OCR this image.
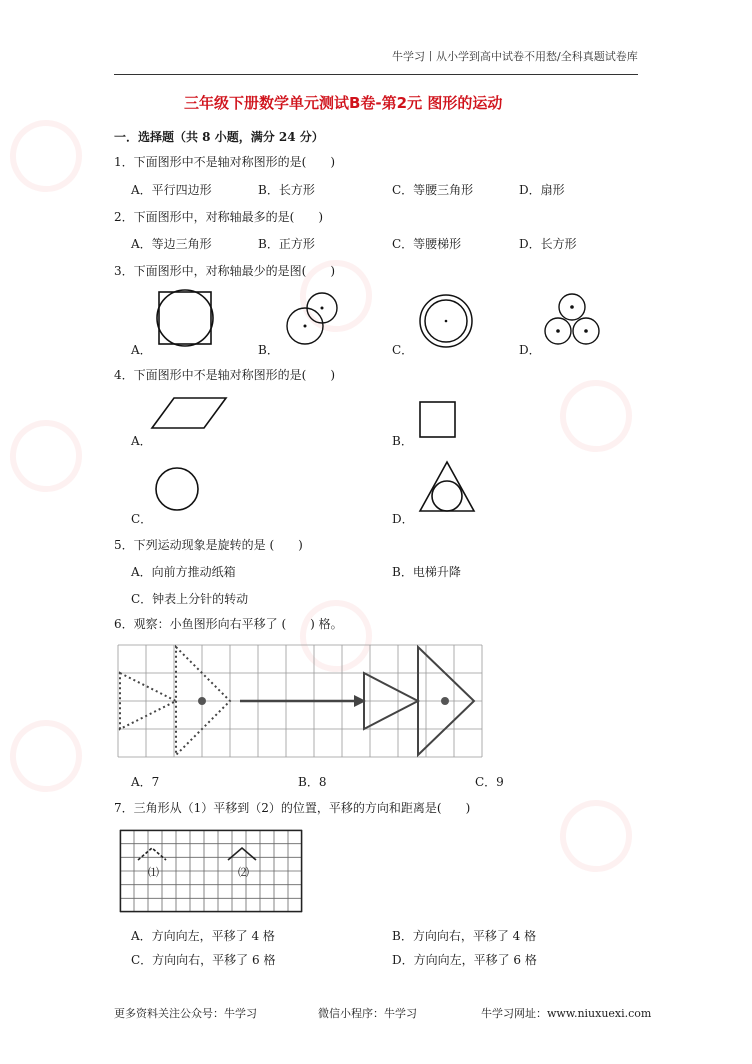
牛学习丨从小学到高中试卷不用愁/全科真题试卷库
三年级下册数学单元测试B卷-第2元 图形的运动
一．选择题（共 8 小题，满分 24 分）
1．下面图形中不是轴对称图形的是(　　)
A．平行四边形	B．长方形	C．等腰三角形	D．扇形
2．下面图形中，对称轴最多的是(　　)
A．等边三角形	B．正方形	C．等腰梯形	D．长方形
3．下面图形中，对称轴最少的是图(　　)
A．	B．	C．	D．
4．下面图形中不是轴对称图形的是(　　)
A．	B．
C．	D．
5．下列运动现象是旋转的是 (　　)
A．向前方推动纸箱	B．电梯升降
C．钟表上分针的转动
6．观察：小鱼图形向右平移了 (　　) 格。
A．7	B．8	C．9
7．三角形从（1）平移到（2）的位置，平移的方向和距离是(　　)
⑴	⑵
A．方向向左，平移了 4 格	B．方向向右，平移了 4 格
C．方向向右，平移了 6 格	D．方向向左，平移了 6 格
更多资料关注公众号：牛学习	微信小程序：牛学习	牛学习网址：www.niuxuexi.com
